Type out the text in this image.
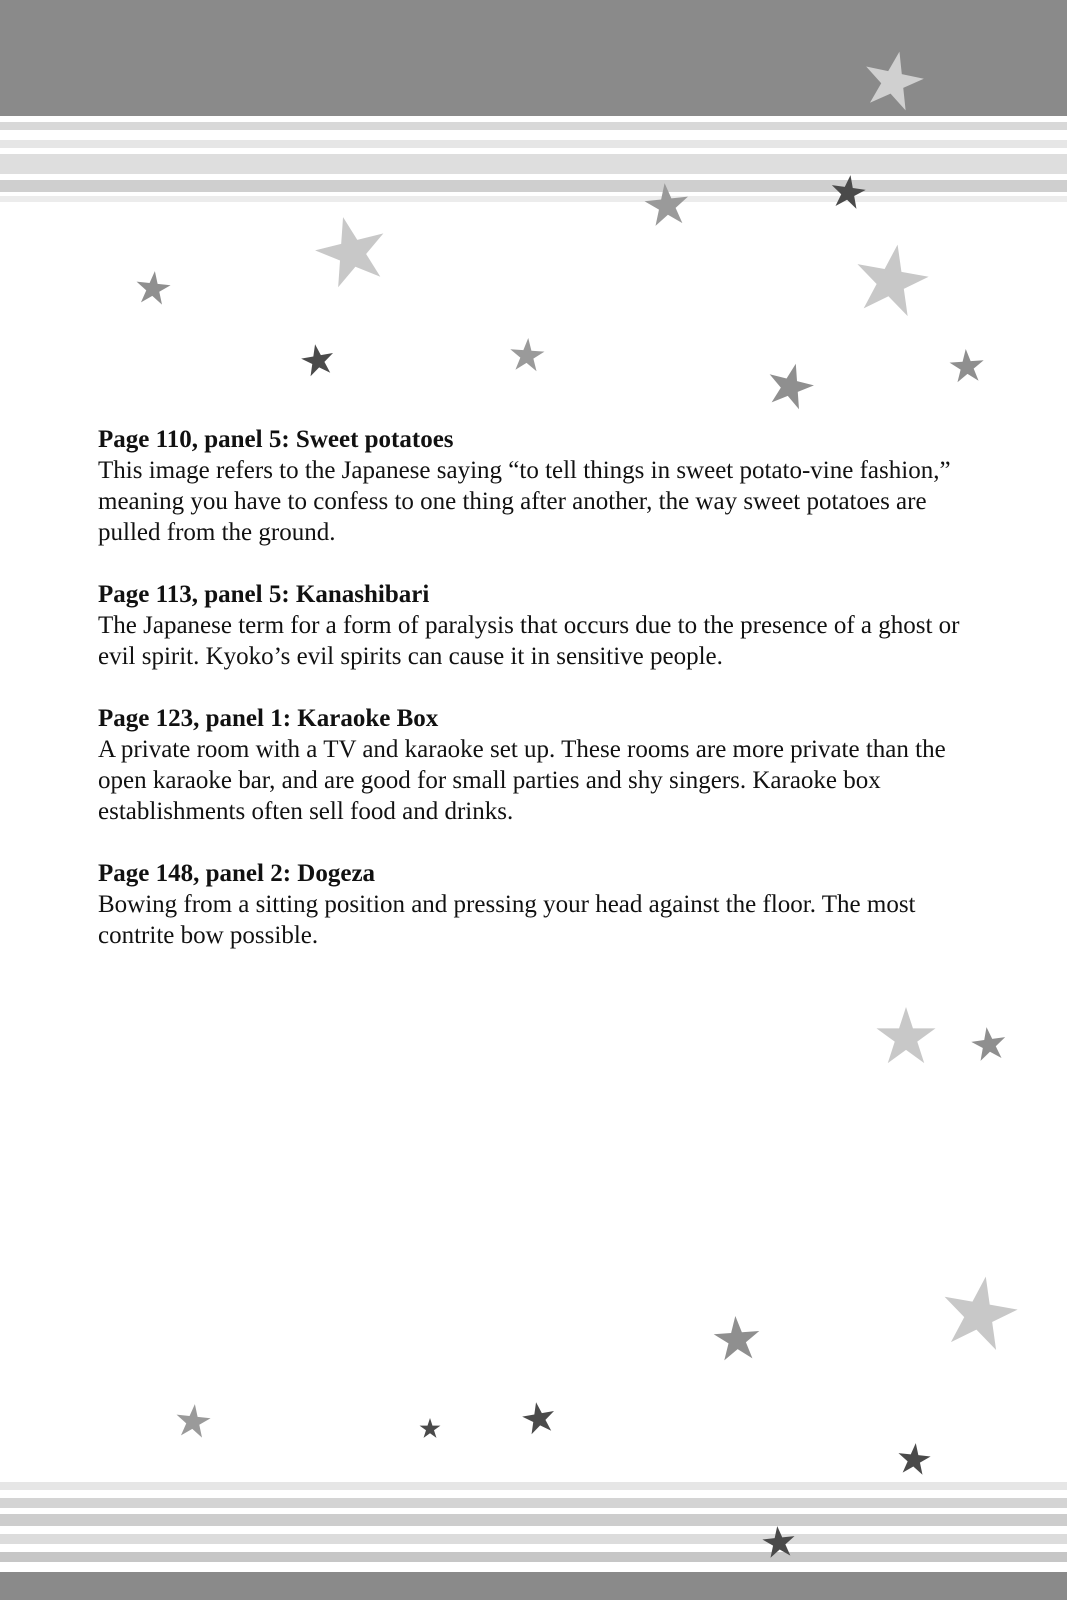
Page 110, panel 5: Sweet potatoes
This image refers to the Japanese saying “to tell things in sweet potato-vine fashion,” meaning you have to confess to one thing after another, the way sweet potatoes are pulled from the ground.
Page 113, panel 5: Kanashibari
The Japanese term for a form of paralysis that occurs due to the presence of a ghost or evil spirit. Kyoko’s evil spirits can cause it in sensitive people.
Page 123, panel 1: Karaoke Box
A private room with a TV and karaoke set up. These rooms are more private than the open karaoke bar, and are good for small parties and shy singers. Karaoke box establishments often sell food and drinks.
Page 148, panel 2: Dogeza
Bowing from a sitting position and pressing your head against the floor. The most contrite bow possible.
